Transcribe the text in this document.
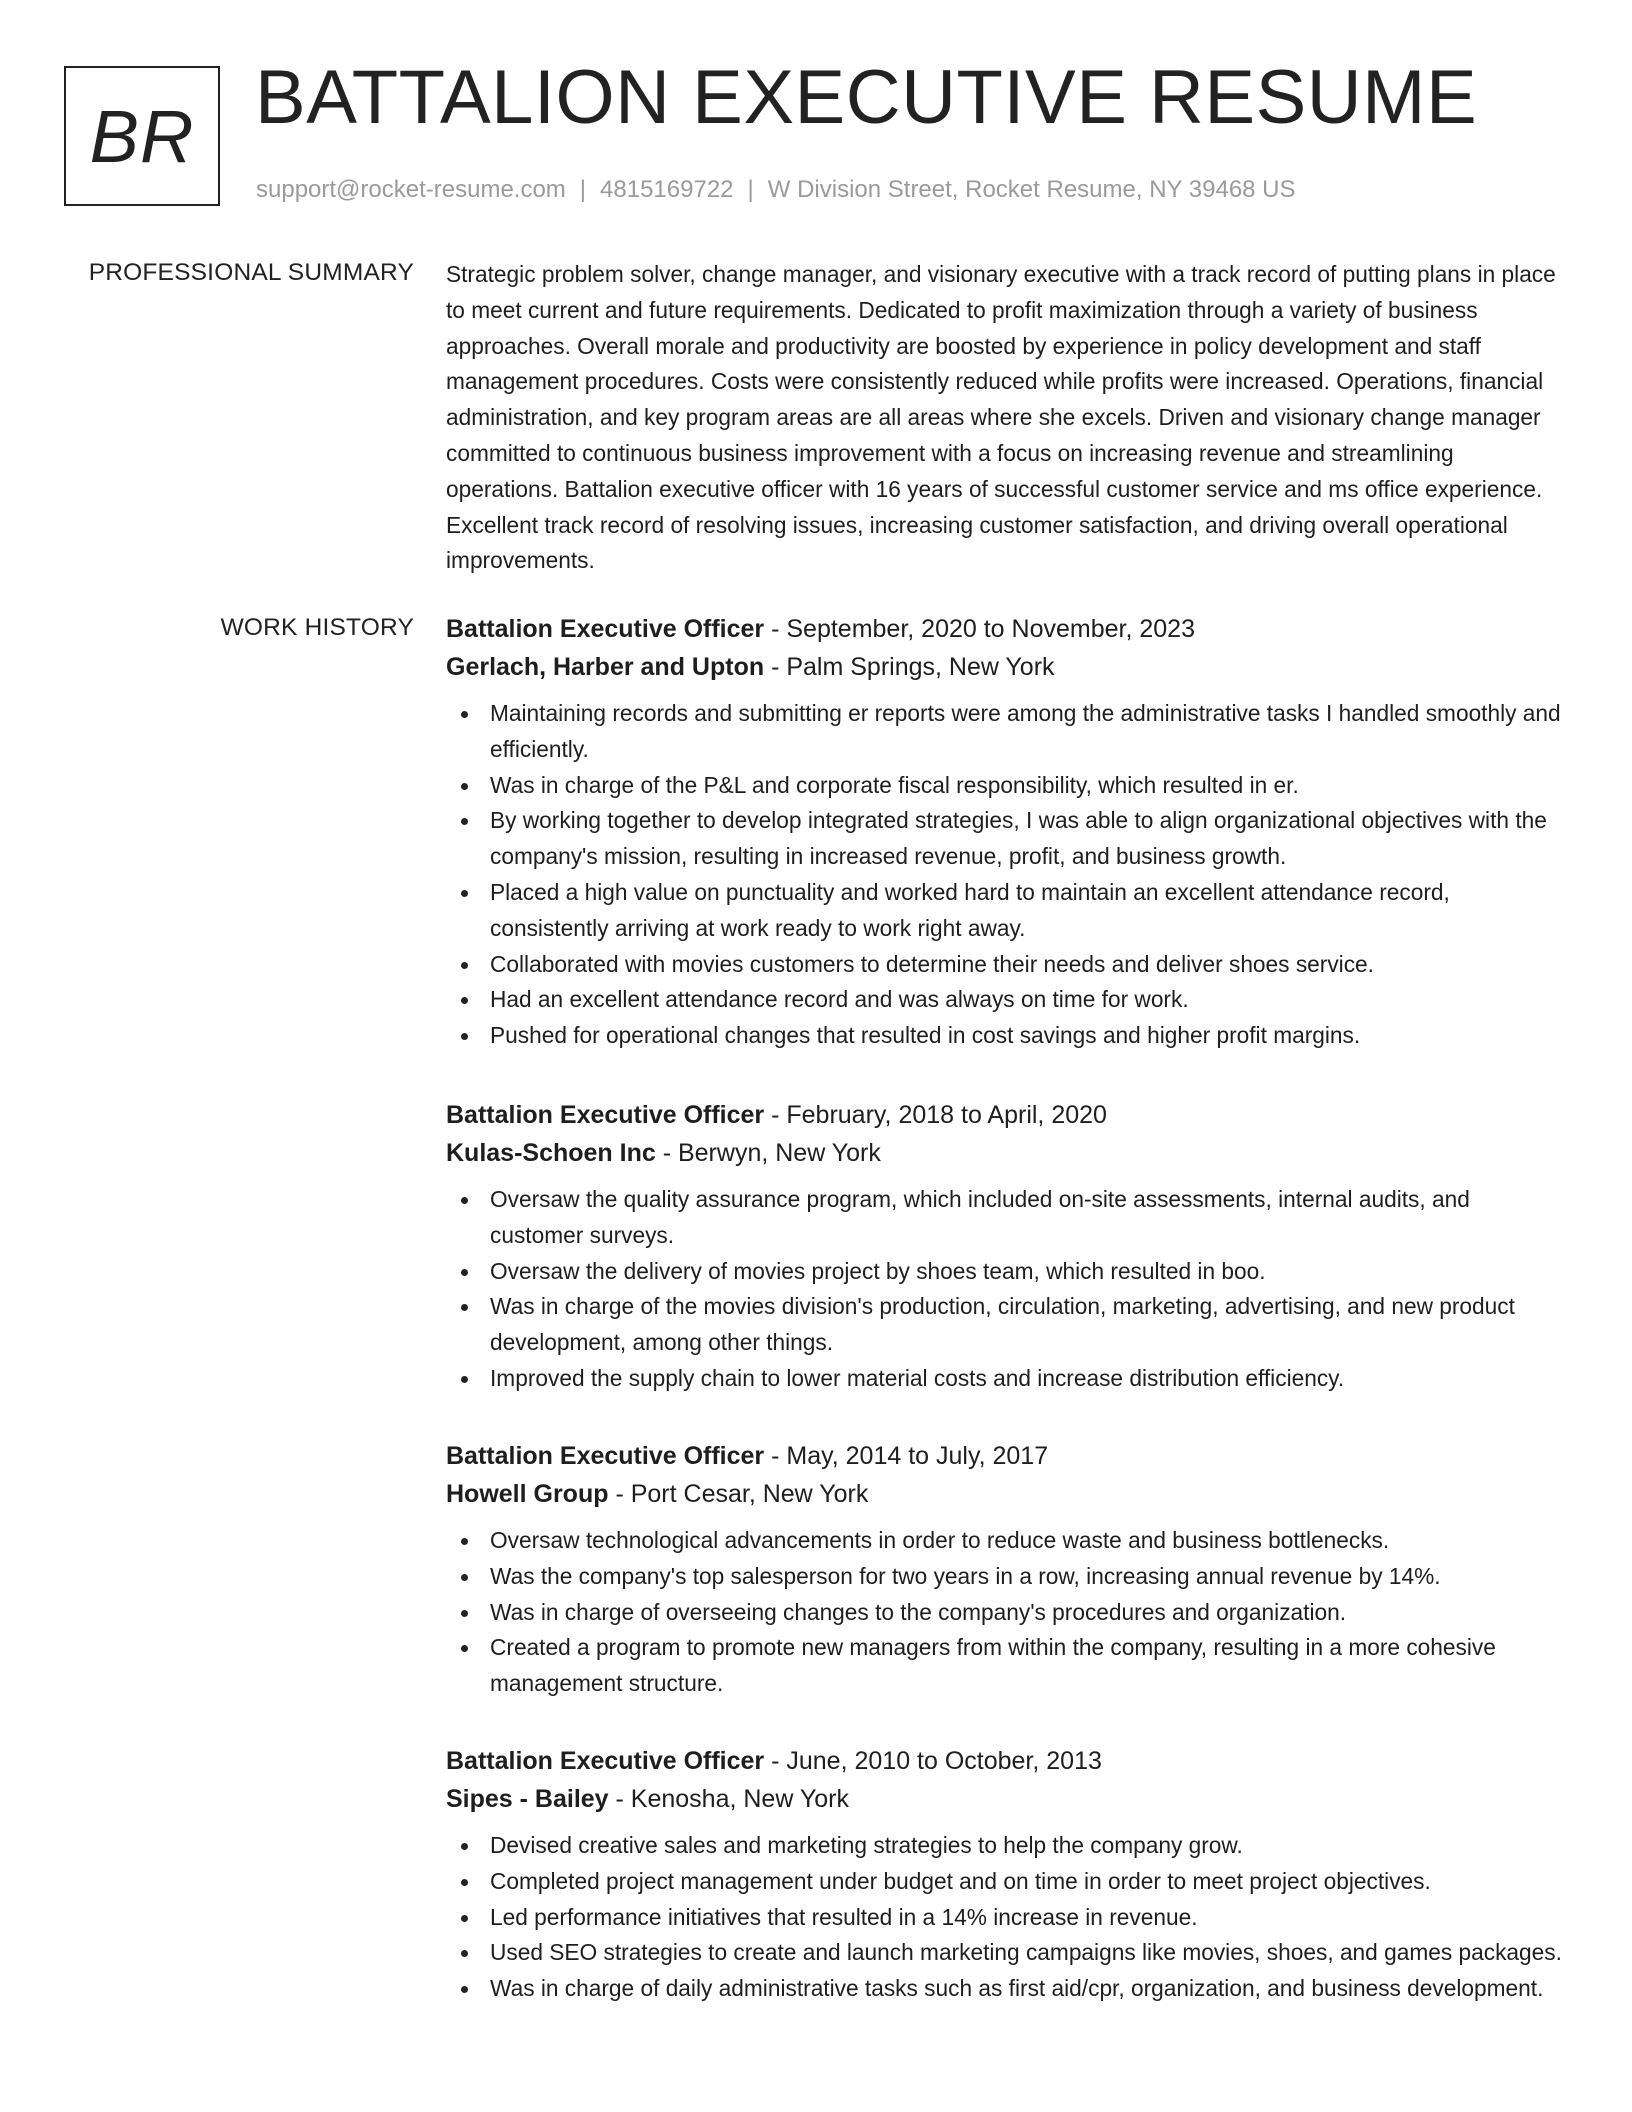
BR BATTALION EXECUTIVE RESUME
support@rocket-resume.com | 4815169722 | W Division Street, Rocket Resume, NY 39468 US
PROFESSIONAL SUMMARY Strategic problem solver, change manager, and visionary executive with a track record of putting plans in place to meet current and future requirements. Dedicated to profit maximization through a variety of business approaches. Overall morale and productivity are boosted by experience in policy development and staff management procedures. Costs were consistently reduced while profits were increased. Operations, financial administration, and key program areas are all areas where she excels. Driven and visionary change manager committed to continuous business improvement with a focus on increasing revenue and streamlining operations. Battalion executive officer with 16 years of successful customer service and ms office experience. Excellent track record of resolving issues, increasing customer satisfaction, and driving overall operational improvements.

WORK HISTORY Battalion Executive Officer - September, 2020 to November, 2023
Gerlach, Harber and Upton - Palm Springs, New York
Maintaining records and submitting er reports were among the administrative tasks I handled smoothly and efficiently.
Was in charge of the P&L and corporate fiscal responsibility, which resulted in er.
By working together to develop integrated strategies, I was able to align organizational objectives with the company's mission, resulting in increased revenue, profit, and business growth.
Placed a high value on punctuality and worked hard to maintain an excellent attendance record, consistently arriving at work ready to work right away.
Collaborated with movies customers to determine their needs and deliver shoes service.
Had an excellent attendance record and was always on time for work.
Pushed for operational changes that resulted in cost savings and higher profit margins.
Battalion Executive Officer - February, 2018 to April, 2020
Kulas-Schoen Inc - Berwyn, New York
Oversaw the quality assurance program, which included on-site assessments, internal audits, and customer surveys.
Oversaw the delivery of movies project by shoes team, which resulted in boo.
Was in charge of the movies division's production, circulation, marketing, advertising, and new product development, among other things.
Improved the supply chain to lower material costs and increase distribution efficiency.
Battalion Executive Officer - May, 2014 to July, 2017
Howell Group - Port Cesar, New York
Oversaw technological advancements in order to reduce waste and business bottlenecks.
Was the company's top salesperson for two years in a row, increasing annual revenue by 14%.
Was in charge of overseeing changes to the company's procedures and organization.
Created a program to promote new managers from within the company, resulting in a more cohesive management structure.
Battalion Executive Officer - June, 2010 to October, 2013
Sipes - Bailey - Kenosha, New York
Devised creative sales and marketing strategies to help the company grow.
Completed project management under budget and on time in order to meet project objectives.
Led performance initiatives that resulted in a 14% increase in revenue.
Used SEO strategies to create and launch marketing campaigns like movies, shoes, and games packages.
Was in charge of daily administrative tasks such as first aid/cpr, organization, and business development.
